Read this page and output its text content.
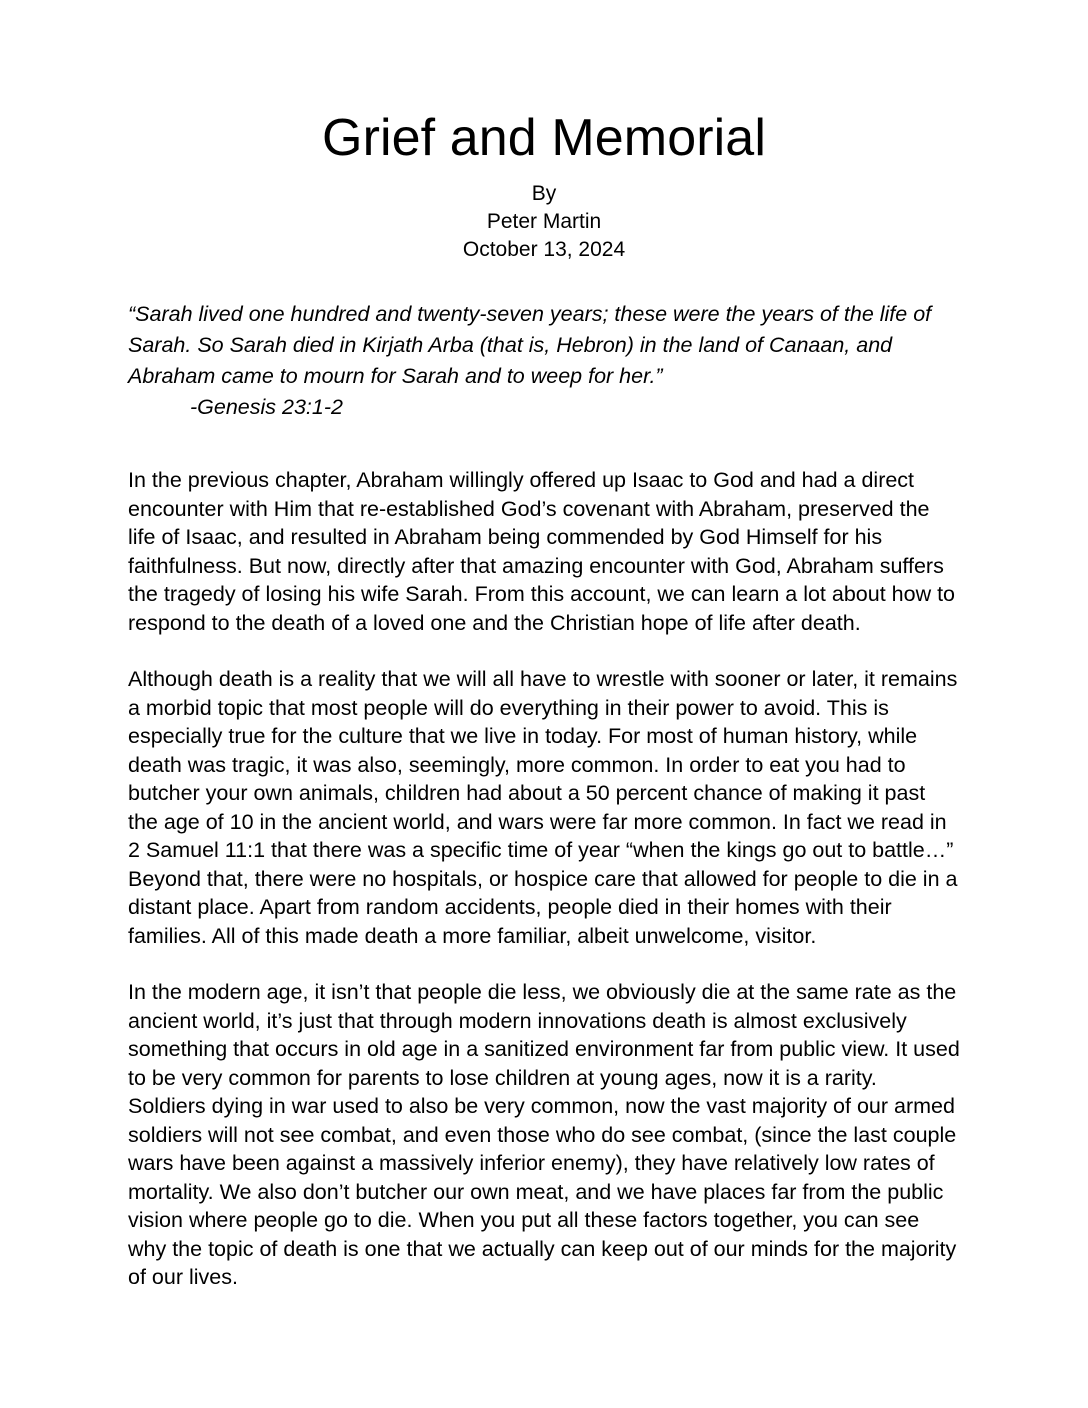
Grief and Memorial
By
Peter Martin
October 13, 2024

“Sarah lived one hundred and twenty-seven years; these were the years of the life of Sarah. So Sarah died in Kirjath Arba (that is, Hebron) in the land of Canaan, and Abraham came to mourn for Sarah and to weep for her.”

-Genesis 23:1-2

In the previous chapter, Abraham willingly offered up Isaac to God and had a direct encounter with Him that re-established God’s covenant with Abraham, preserved the life of Isaac, and resulted in Abraham being commended by God Himself for his faithfulness. But now, directly after that amazing encounter with God, Abraham suffers the tragedy of losing his wife Sarah. From this account, we can learn a lot about how to respond to the death of a loved one and the Christian hope of life after death.

Although death is a reality that we will all have to wrestle with sooner or later, it remains a morbid topic that most people will do everything in their power to avoid. This is especially true for the culture that we live in today. For most of human history, while death was tragic, it was also, seemingly, more common. In order to eat you had to butcher your own animals, children had about a 50 percent chance of making it past the age of 10 in the ancient world, and wars were far more common. In fact we read in 2 Samuel 11:1 that there was a specific time of year “when the kings go out to battle…” Beyond that, there were no hospitals, or hospice care that allowed for people to die in a distant place. Apart from random accidents, people died in their homes with their families. All of this made death a more familiar, albeit unwelcome, visitor.

In the modern age, it isn’t that people die less, we obviously die at the same rate as the ancient world, it’s just that through modern innovations death is almost exclusively something that occurs in old age in a sanitized environment far from public view. It used to be very common for parents to lose children at young ages, now it is a rarity. Soldiers dying in war used to also be very common, now the vast majority of our armed soldiers will not see combat, and even those who do see combat, (since the last couple wars have been against a massively inferior enemy), they have relatively low rates of mortality. We also don’t butcher our own meat, and we have places far from the public vision where people go to die. When you put all these factors together, you can see why the topic of death is one that we actually can keep out of our minds for the majority of our lives.
